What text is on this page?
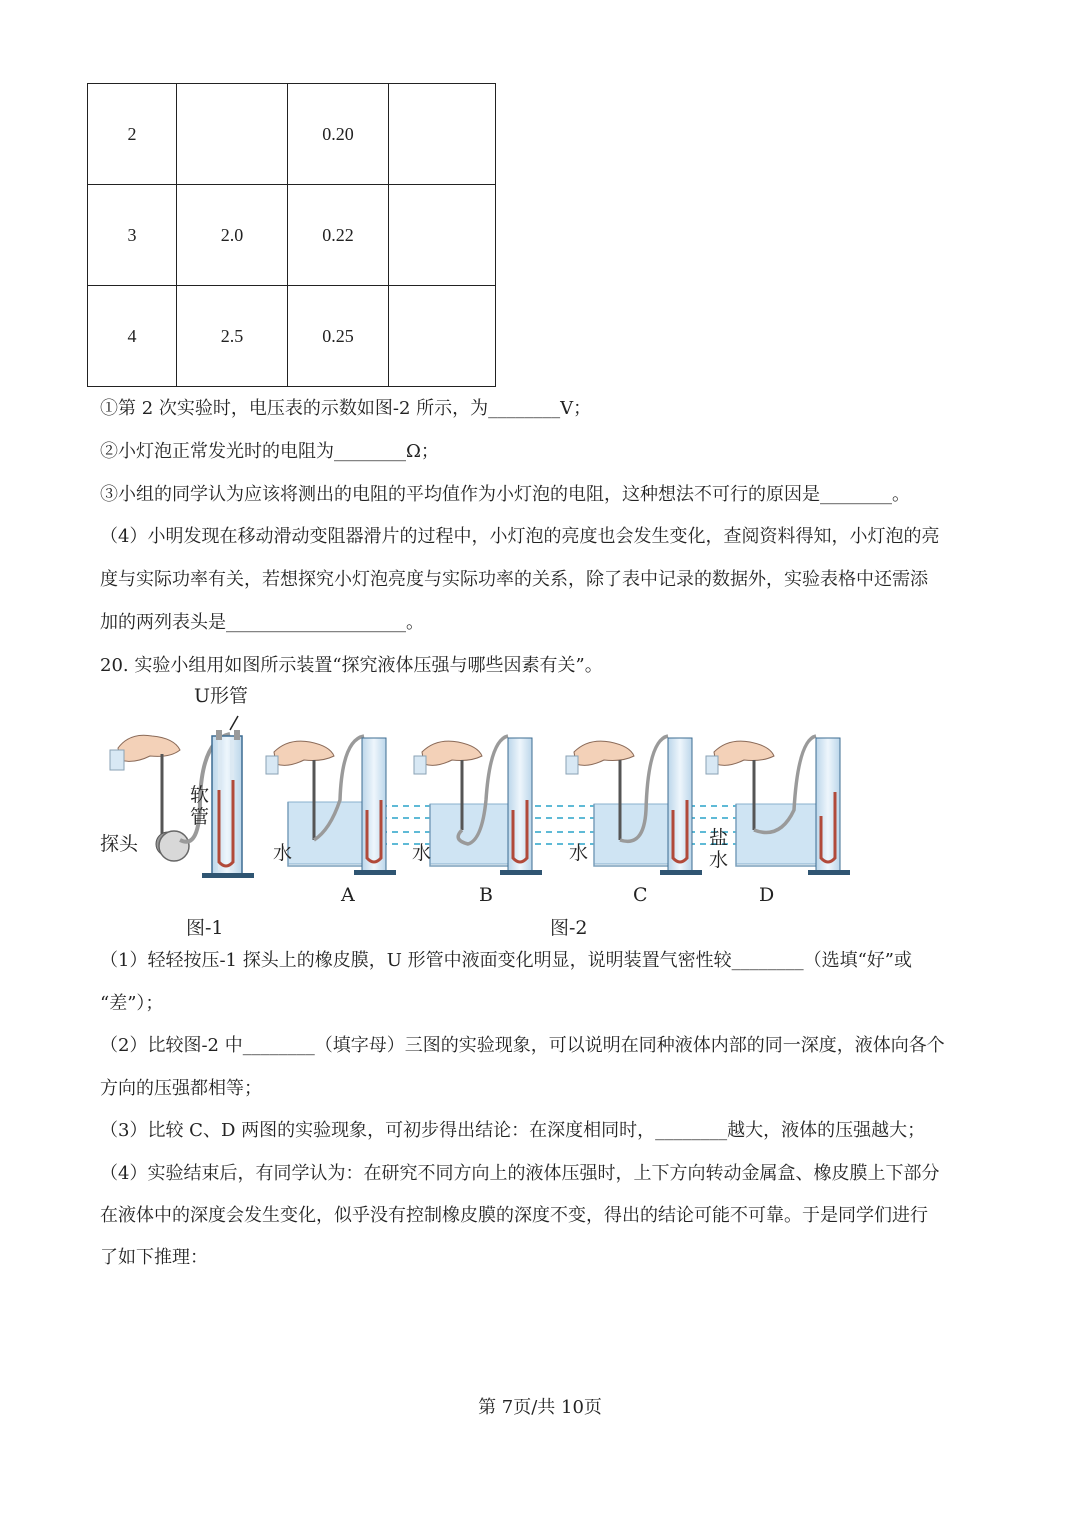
2		0.20	
3	2.0	0.22	
4	2.5	0.25	
①第 2 次实验时，电压表的示数如图-2 所示，为________V；
②小灯泡正常发光时的电阻为________Ω；
③小组的同学认为应该将测出的电阻的平均值作为小灯泡的电阻，这种想法不可行的原因是________。
（4）小明发现在移动滑动变阻器滑片的过程中，小灯泡的亮度也会发生变化，查阅资料得知，小灯泡的亮
度与实际功率有关，若想探究小灯泡亮度与实际功率的关系，除了表中记录的数据外，实验表格中还需添
加的两列表头是____________________。
20. 实验小组用如图所示装置“探究液体压强与哪些因素有关”。
U形管
软
管
探头	水	水	水
盐
水
A	B	C	D
图-1	图-2
（1）轻轻按压-1 探头上的橡皮膜，U 形管中液面变化明显，说明装置气密性较________（选填“好”或
“差”）；
（2）比较图-2 中________（填字母）三图的实验现象，可以说明在同种液体内部的同一深度，液体向各个
方向的压强都相等；
（3）比较 C、D 两图的实验现象，可初步得出结论：在深度相同时，________越大，液体的压强越大；
（4）实验结束后，有同学认为：在研究不同方向上的液体压强时，上下方向转动金属盒、橡皮膜上下部分
在液体中的深度会发生变化，似乎没有控制橡皮膜的深度不变，得出的结论可能不可靠。于是同学们进行
了如下推理：
第 7页/共 10页
